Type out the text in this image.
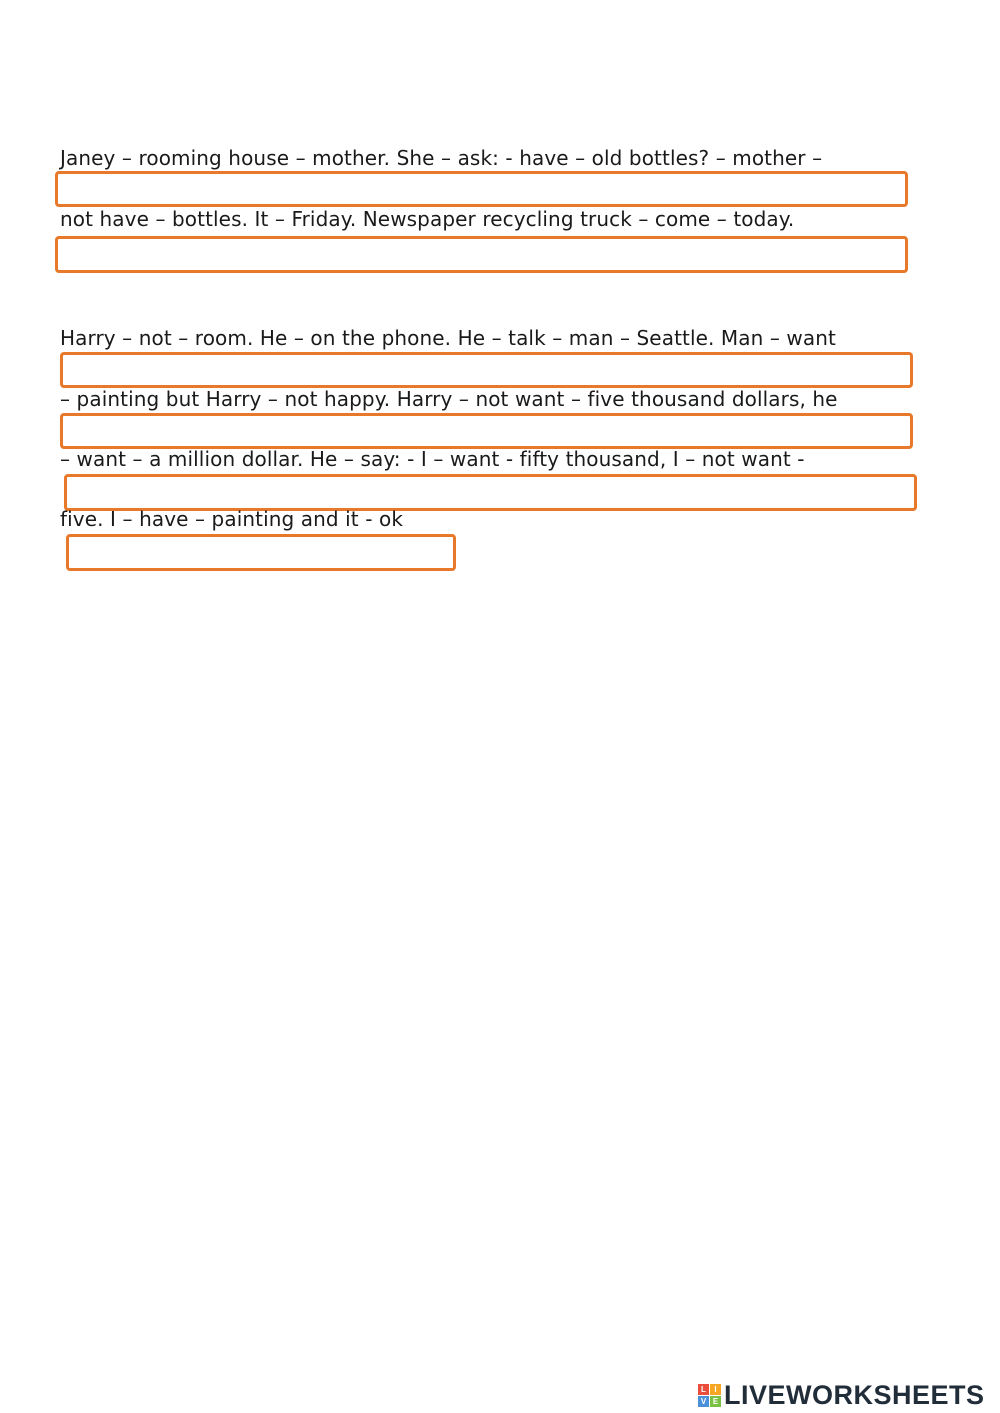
Janey – rooming house – mother. She – ask: - have – old bottles? – mother –
not have – bottles. It – Friday. Newspaper recycling truck – come – today.
Harry – not – room. He – on the phone. He – talk – man – Seattle. Man – want
– painting but Harry – not happy. Harry – not want – five thousand dollars, he
– want – a million dollar. He – say: - I – want - fifty thousand, I – not want -
five. I – have – painting and it - ok
L	I
V E LIVEWORKSHEETS
